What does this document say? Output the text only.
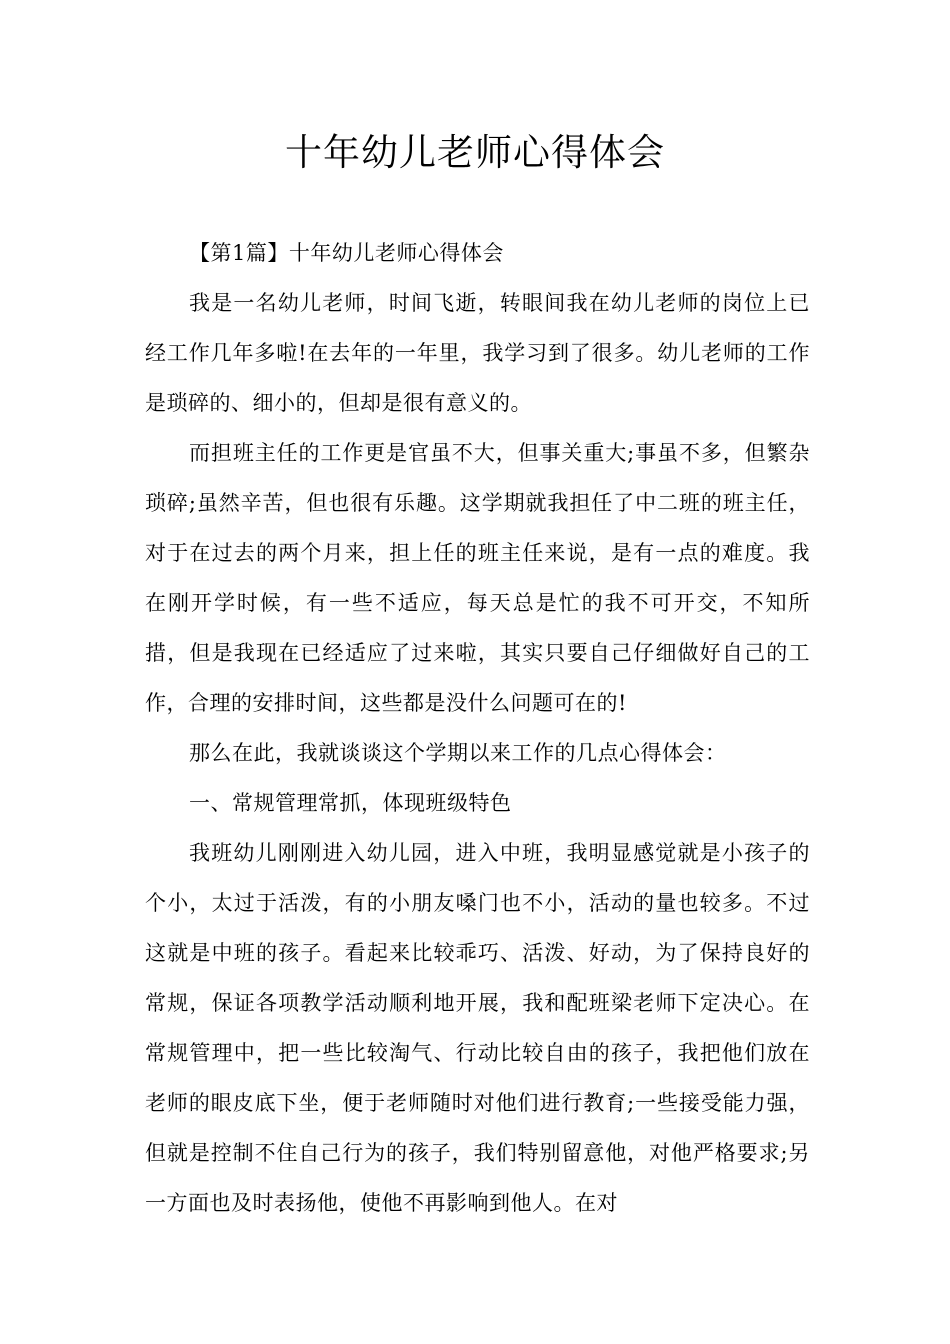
十年幼儿老师心得体会

【第1篇】十年幼儿老师心得体会

我是一名幼儿老师，时间飞逝，转眼间我在幼儿老师的岗位上已经工作几年多啦!在去年的一年里，我学习到了很多。幼儿老师的工作是琐碎的、细小的，但却是很有意义的。

而担班主任的工作更是官虽不大，但事关重大;事虽不多，但繁杂琐碎;虽然辛苦，但也很有乐趣。这学期就我担任了中二班的班主任，对于在过去的两个月来，担上任的班主任来说，是有一点的难度。我在刚开学时候，有一些不适应，每天总是忙的我不可开交，不知所措，但是我现在已经适应了过来啦，其实只要自己仔细做好自己的工作，合理的安排时间，这些都是没什么问题可在的!

那么在此，我就谈谈这个学期以来工作的几点心得体会：

一、常规管理常抓，体现班级特色

我班幼儿刚刚进入幼儿园，进入中班，我明显感觉就是小孩子的个小，太过于活泼，有的小朋友嗓门也不小，活动的量也较多。不过这就是中班的孩子。看起来比较乖巧、活泼、好动，为了保持良好的常规，保证各项教学活动顺利地开展，我和配班梁老师下定决心。在常规管理中，把一些比较淘气、行动比较自由的孩子，我把他们放在老师的眼皮底下坐，便于老师随时对他们进行教育;一些接受能力强，但就是控制不住自己行为的孩子，我们特别留意他，对他严格要求;另一方面也及时表扬他，使他不再影响到他人。在对
